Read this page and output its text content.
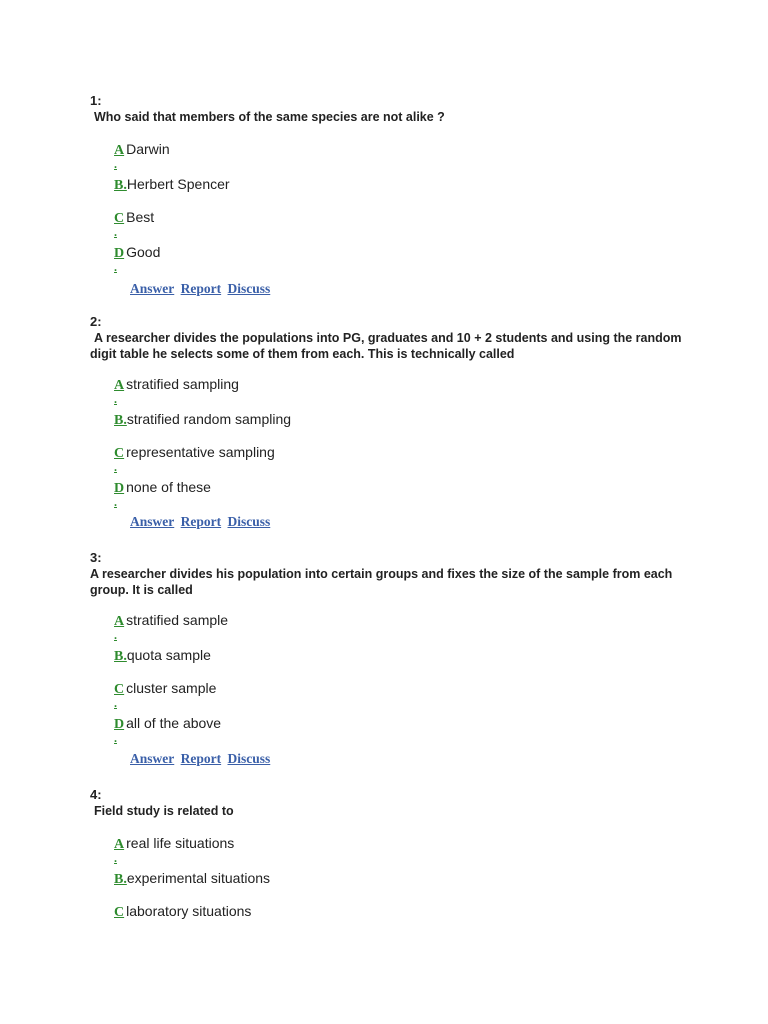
1:
Who said that members of the same species are not alike ?
A Darwin
.
B.Herbert Spencer
C Best
.
D Good
.
Answer Report Discuss
2:
A researcher divides the populations into PG, graduates and 10 + 2 students and using the random digit table he selects some of them from each. This is technically called
A stratified sampling
.
B.stratified random sampling
C representative sampling
.
D none of these
.
Answer Report Discuss
3:
A researcher divides his population into certain groups and fixes the size of the sample from each group. It is called
A stratified sample
.
B.quota sample
C cluster sample
.
D all of the above
.
Answer Report Discuss
4:
Field study is related to
A real life situations
.
B.experimental situations
C laboratory situations
